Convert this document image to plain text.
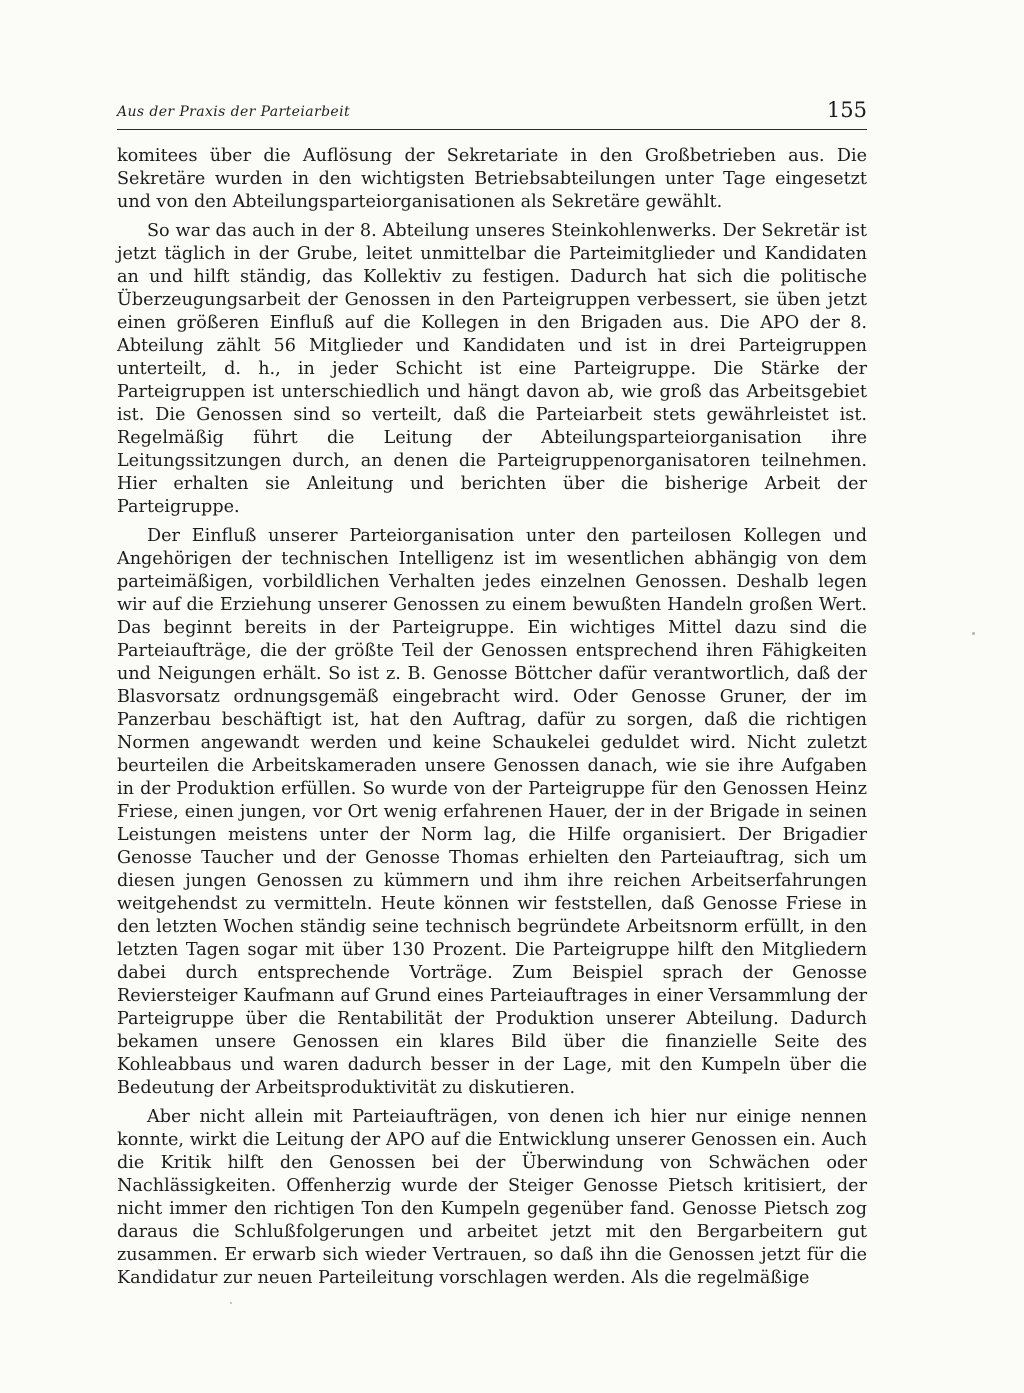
Aus der Praxis der Parteiarbeit	155

komitees über die Auflösung der Sekretariate in den Großbetrieben aus. Die Sekretäre wurden in den wichtigsten Betriebsabteilungen unter Tage eingesetzt und von den Abteilungsparteiorganisationen als Sekretäre gewählt.

So war das auch in der 8. Abteilung unseres Steinkohlenwerks. Der Sekretär ist jetzt täglich in der Grube, leitet unmittelbar die Parteimitglieder und Kandidaten an und hilft ständig, das Kollektiv zu festigen. Dadurch hat sich die politische Überzeugungsarbeit der Genossen in den Parteigruppen verbessert, sie üben jetzt einen größeren Einfluß auf die Kollegen in den Brigaden aus. Die APO der 8. Abteilung zählt 56 Mitglieder und Kandidaten und ist in drei Parteigruppen unterteilt, d. h., in jeder Schicht ist eine Parteigruppe. Die Stärke der Parteigruppen ist unterschiedlich und hängt davon ab, wie groß das Arbeitsgebiet ist. Die Genossen sind so verteilt, daß die Parteiarbeit stets gewährleistet ist. Regelmäßig führt die Leitung der Abteilungsparteiorganisation ihre Leitungssitzungen durch, an denen die Parteigruppenorganisatoren teilnehmen. Hier erhalten sie Anleitung und berichten über die bisherige Arbeit der Parteigruppe.

Der Einfluß unserer Parteiorganisation unter den parteilosen Kollegen und Angehörigen der technischen Intelligenz ist im wesentlichen abhängig von dem parteimäßigen, vorbildlichen Verhalten jedes einzelnen Genossen. Deshalb legen wir auf die Erziehung unserer Genossen zu einem bewußten Handeln großen Wert. Das beginnt bereits in der Parteigruppe. Ein wichtiges Mittel dazu sind die Parteiaufträge, die der größte Teil der Genossen entsprechend ihren Fähigkeiten und Neigungen erhält. So ist z. B. Genosse Böttcher dafür verantwortlich, daß der Blasvorsatz ordnungsgemäß eingebracht wird. Oder Genosse Gruner, der im Panzerbau beschäftigt ist, hat den Auftrag, dafür zu sorgen, daß die richtigen Normen angewandt werden und keine Schaukelei geduldet wird. Nicht zuletzt beurteilen die Arbeitskameraden unsere Genossen danach, wie sie ihre Aufgaben in der Produktion erfüllen. So wurde von der Parteigruppe für den Genossen Heinz Friese, einen jungen, vor Ort wenig erfahrenen Hauer, der in der Brigade in seinen Leistungen meistens unter der Norm lag, die Hilfe organisiert. Der Brigadier Genosse Taucher und der Genosse Thomas erhielten den Parteiauftrag, sich um diesen jungen Genossen zu kümmern und ihm ihre reichen Arbeitserfahrungen weitgehendst zu vermitteln. Heute können wir feststellen, daß Genosse Friese in den letzten Wochen ständig seine technisch begründete Arbeitsnorm erfüllt, in den letzten Tagen sogar mit über 130 Prozent. Die Parteigruppe hilft den Mitgliedern dabei durch entsprechende Vorträge. Zum Beispiel sprach der Genosse Reviersteiger Kaufmann auf Grund eines Parteiauftrages in einer Versammlung der Parteigruppe über die Rentabilität der Produktion unserer Abteilung. Dadurch bekamen unsere Genossen ein klares Bild über die finanzielle Seite des Kohleabbaus und waren dadurch besser in der Lage, mit den Kumpeln über die Bedeutung der Arbeitsproduktivität zu diskutieren.

Aber nicht allein mit Parteiaufträgen, von denen ich hier nur einige nennen konnte, wirkt die Leitung der APO auf die Entwicklung unserer Genossen ein. Auch die Kritik hilft den Genossen bei der Überwindung von Schwächen oder Nachlässigkeiten. Offenherzig wurde der Steiger Genosse Pietsch kritisiert, der nicht immer den richtigen Ton den Kumpeln gegenüber fand. Genosse Pietsch zog daraus die Schlußfolgerungen und arbeitet jetzt mit den Bergarbeitern gut zusammen. Er erwarb sich wieder Vertrauen, so daß ihn die Genossen jetzt für die Kandidatur zur neuen Parteileitung vorschlagen werden. Als die regelmäßige
